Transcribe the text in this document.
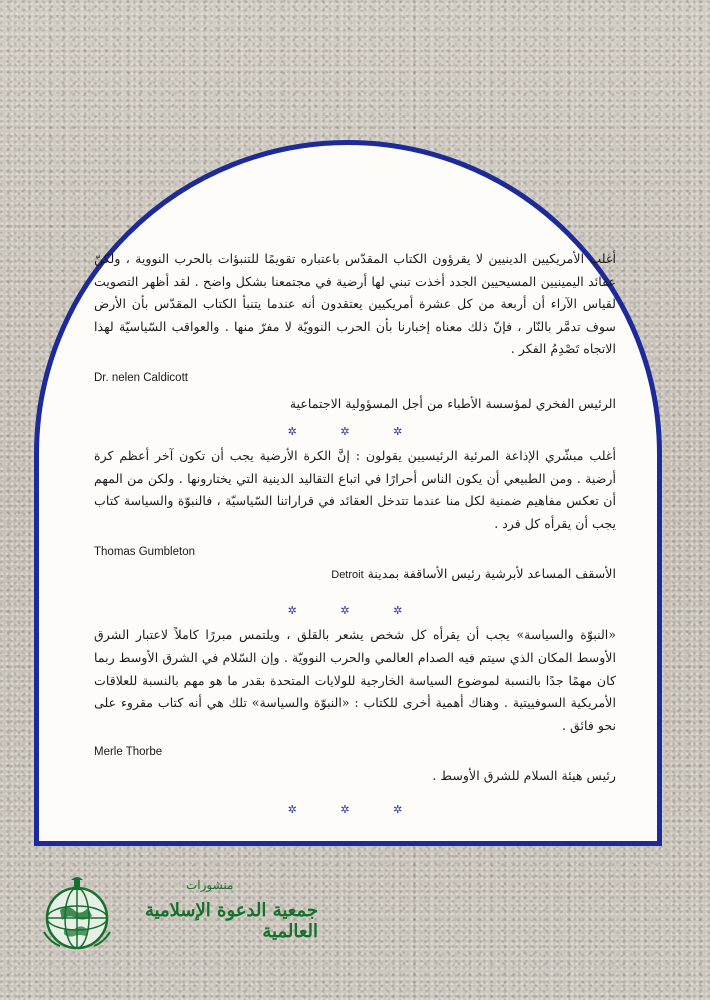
أغلب الأمريكيين الدينيين لا يقرؤون الكتاب المقدّس باعتباره تقويمًا للتنبؤات بالحرب النووية ، ولكنّ عقائد اليمينيين المسيحيين الجدد أخذت تبني لها أرضية في مجتمعنا بشكل واضح . لقد أظهر التصويت لقياس الآراء أن أربعة من كل عشرة أمريكيين يعتقدون أنه عندما يتنبأ الكتاب المقدّس بأن الأرض سوف تدمَّر بالنّار ، فإنّ ذلك معناه إخبارنا بأن الحرب النوويّة لا مفرّ منها . والعواقب السّياسيّة لهذا الاتجاه تَصْدِمُ الفكر .
Dr. nelen Caldicott
الرئيس الفخري لمؤسسة الأطباء من أجل المسؤولية الاجتماعية
✲ ✲ ✲
أغلب مبشّري الإذاعة المرئية الرئيسيين يقولون : إنَّ الكرة الأرضية يجب أن تكون آخر أعظم كرة أرضية . ومن الطبيعي أن يكون الناس أحرارًا في اتباع التقاليد الدينية التي يختارونها . ولكن من المهم أن تعكس مفاهيم ضمنية لكل منا عندما تتدخل العقائد في قراراتنا السّياسيّة ، فالنبوّة والسياسة كتاب يجب أن يقرأه كل فرد .
Thomas Gumbleton
الأسقف المساعد لأبرشية رئيس الأساقفة بمدينة Detroit
✲ ✲ ✲
«النبوّة والسياسة» يجب أن يقرأه كل شخص يشعر بالقلق ، ويلتمس مبررًا كاملاً لاعتبار الشرق الأوسط المكان الذي سيتم فيه الصدام العالمي والحرب النوويّة . وإن السّلام في الشرق الأوسط ربما كان مهمًا جدًا بالنسبة لموضوع السياسة الخارجية للولايات المتحدة بقدر ما هو مهم بالنسبة للعلاقات الأمريكية السوفييتية . وهناك أهمية أخرى للكتاب : «النبوّة والسياسة» تلك هي أنه كتاب مقروء على نحو فائق .
Merle Thorbe
رئيس هيئة السلام للشرق الأوسط .
✲ ✲ ✲
منشورات
جمعية الدعوة الإسلامية العالمية
